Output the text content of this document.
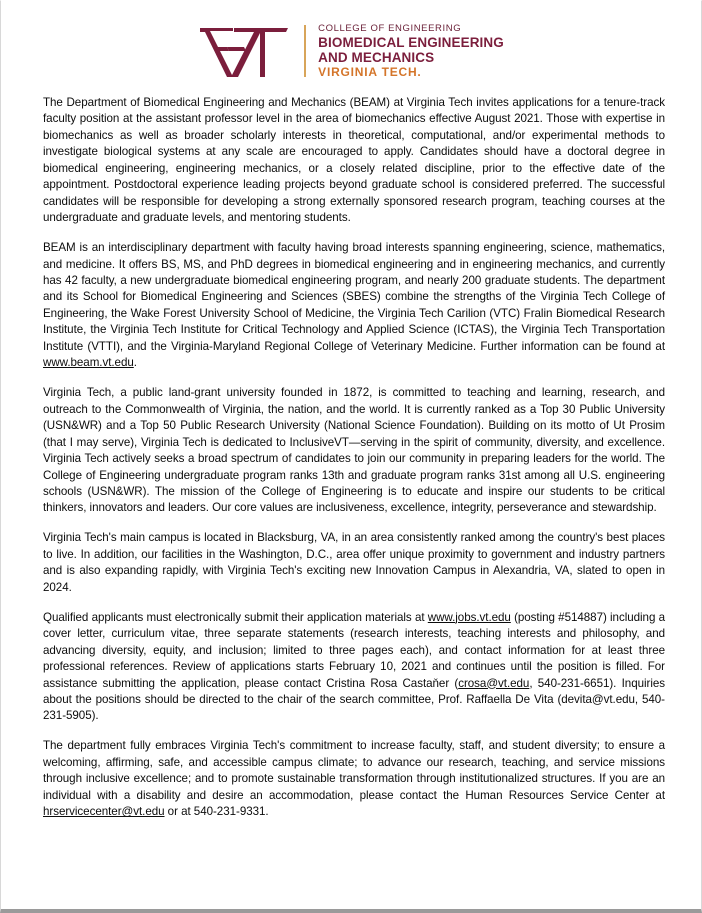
COLLEGE OF ENGINEERING
BIOMEDICAL ENGINEERING
AND MECHANICS
VIRGINIA TECH.

The Department of Biomedical Engineering and Mechanics (BEAM) at Virginia Tech invites applications for a tenure-track faculty position at the assistant professor level in the area of biomechanics effective August 2021. Those with expertise in biomechanics as well as broader scholarly interests in theoretical, computational, and/or experimental methods to investigate biological systems at any scale are encouraged to apply. Candidates should have a doctoral degree in biomedical engineering, engineering mechanics, or a closely related discipline, prior to the effective date of the appointment. Postdoctoral experience leading projects beyond graduate school is considered preferred. The successful candidates will be responsible for developing a strong externally sponsored research program, teaching courses at the undergraduate and graduate levels, and mentoring students.

BEAM is an interdisciplinary department with faculty having broad interests spanning engineering, science, mathematics, and medicine. It offers BS, MS, and PhD degrees in biomedical engineering and in engineering mechanics, and currently has 42 faculty, a new undergraduate biomedical engineering program, and nearly 200 graduate students. The department and its School for Biomedical Engineering and Sciences (SBES) combine the strengths of the Virginia Tech College of Engineering, the Wake Forest University School of Medicine, the Virginia Tech Carilion (VTC) Fralin Biomedical Research Institute, the Virginia Tech Institute for Critical Technology and Applied Science (ICTAS), the Virginia Tech Transportation Institute (VTTI), and the Virginia-Maryland Regional College of Veterinary Medicine. Further information can be found at www.beam.vt.edu.

Virginia Tech, a public land-grant university founded in 1872, is committed to teaching and learning, research, and outreach to the Commonwealth of Virginia, the nation, and the world. It is currently ranked as a Top 30 Public University (USN&WR) and a Top 50 Public Research University (National Science Foundation). Building on its motto of Ut Prosim (that I may serve), Virginia Tech is dedicated to InclusiveVT—serving in the spirit of community, diversity, and excellence. Virginia Tech actively seeks a broad spectrum of candidates to join our community in preparing leaders for the world. The College of Engineering undergraduate program ranks 13th and graduate program ranks 31st among all U.S. engineering schools (USN&WR). The mission of the College of Engineering is to educate and inspire our students to be critical thinkers, innovators and leaders. Our core values are inclusiveness, excellence, integrity, perseverance and stewardship.

Virginia Tech's main campus is located in Blacksburg, VA, in an area consistently ranked among the country's best places to live. In addition, our facilities in the Washington, D.C., area offer unique proximity to government and industry partners and is also expanding rapidly, with Virginia Tech's exciting new Innovation Campus in Alexandria, VA, slated to open in 2024.

Qualified applicants must electronically submit their application materials at www.jobs.vt.edu (posting #514887) including a cover letter, curriculum vitae, three separate statements (research interests, teaching interests and philosophy, and advancing diversity, equity, and inclusion; limited to three pages each), and contact information for at least three professional references. Review of applications starts February 10, 2021 and continues until the position is filled. For assistance submitting the application, please contact Cristina Rosa Castaňer (crosa@vt.edu, 540-231-6651). Inquiries about the positions should be directed to the chair of the search committee, Prof. Raffaella De Vita (devita@vt.edu, 540-231-5905).

The department fully embraces Virginia Tech's commitment to increase faculty, staff, and student diversity; to ensure a welcoming, affirming, safe, and accessible campus climate; to advance our research, teaching, and service missions through inclusive excellence; and to promote sustainable transformation through institutionalized structures. If you are an individual with a disability and desire an accommodation, please contact the Human Resources Service Center at hrservicecenter@vt.edu or at 540-231-9331.
